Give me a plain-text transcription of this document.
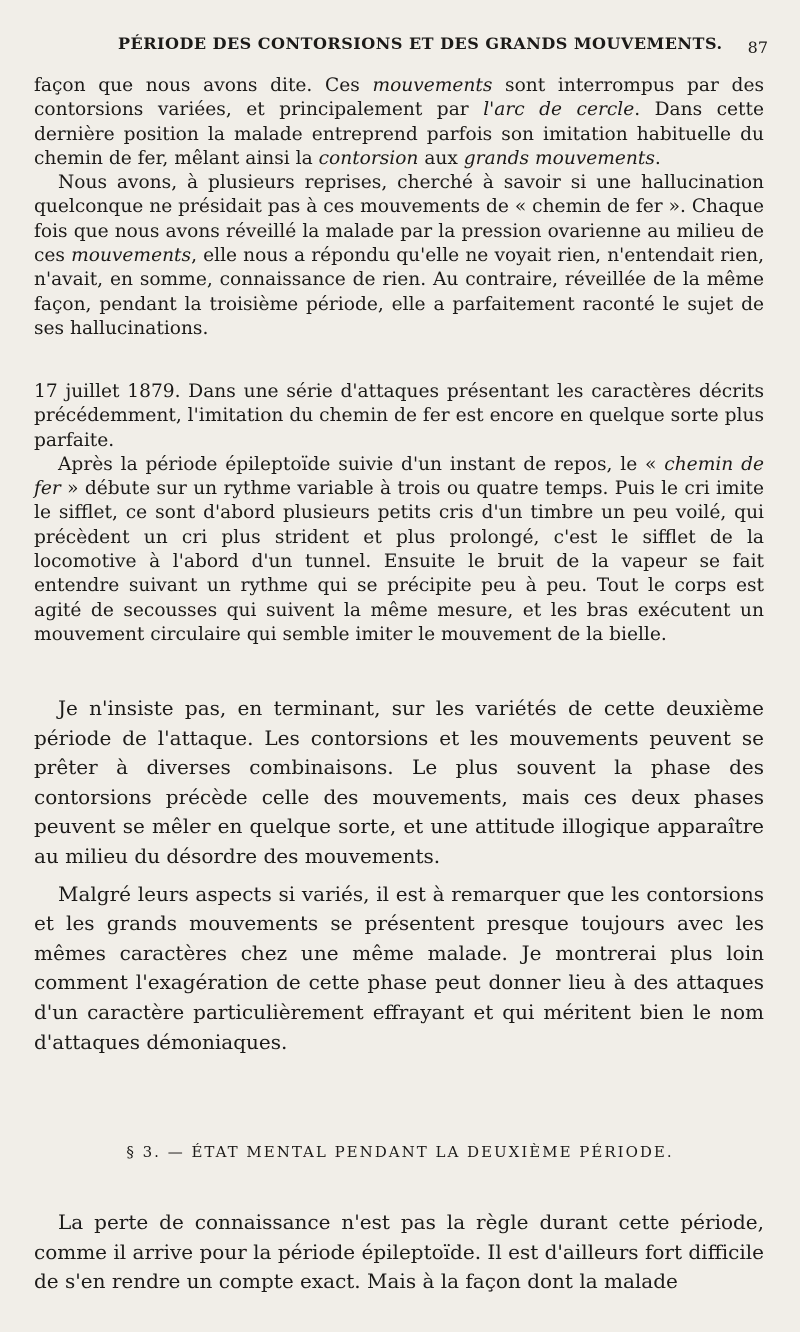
PÉRIODE DES CONTORSIONS ET DES GRANDS MOUVEMENTS. 87

façon que nous avons dite. Ces mouvements sont interrompus par des contorsions variées, et principalement par l'arc de cercle. Dans cette dernière position la malade entreprend parfois son imitation habituelle du chemin de fer, mêlant ainsi la contorsion aux grands mouvements.

Nous avons, à plusieurs reprises, cherché à savoir si une hallucination quelconque ne présidait pas à ces mouvements de « chemin de fer ». Chaque fois que nous avons réveillé la malade par la pression ovarienne au milieu de ces mouvements, elle nous a répondu qu'elle ne voyait rien, n'entendait rien, n'avait, en somme, connaissance de rien. Au contraire, réveillée de la même façon, pendant la troisième période, elle a parfaitement raconté le sujet de ses hallucinations.

17 juillet 1879. Dans une série d'attaques présentant les caractères décrits précédemment, l'imitation du chemin de fer est encore en quelque sorte plus parfaite.

Après la période épileptoïde suivie d'un instant de repos, le « chemin de fer » débute sur un rythme variable à trois ou quatre temps. Puis le cri imite le sifflet, ce sont d'abord plusieurs petits cris d'un timbre un peu voilé, qui précèdent un cri plus strident et plus prolongé, c'est le sifflet de la locomotive à l'abord d'un tunnel. Ensuite le bruit de la vapeur se fait entendre suivant un rythme qui se précipite peu à peu. Tout le corps est agité de secousses qui suivent la même mesure, et les bras exécutent un mouvement circulaire qui semble imiter le mouvement de la bielle.

Je n'insiste pas, en terminant, sur les variétés de cette deuxième période de l'attaque. Les contorsions et les mouvements peuvent se prêter à diverses combinaisons. Le plus souvent la phase des contorsions précède celle des mouvements, mais ces deux phases peuvent se mêler en quelque sorte, et une attitude illogique apparaître au milieu du désordre des mouvements.

Malgré leurs aspects si variés, il est à remarquer que les contorsions et les grands mouvements se présentent presque toujours avec les mêmes caractères chez une même malade. Je montrerai plus loin comment l'exagération de cette phase peut donner lieu à des attaques d'un caractère particulièrement effrayant et qui méritent bien le nom d'attaques démoniaques.

§ 3. — ÉTAT MENTAL PENDANT LA DEUXIÈME PÉRIODE.

La perte de connaissance n'est pas la règle durant cette période, comme il arrive pour la période épileptoïde. Il est d'ailleurs fort difficile de s'en rendre un compte exact. Mais à la façon dont la malade
